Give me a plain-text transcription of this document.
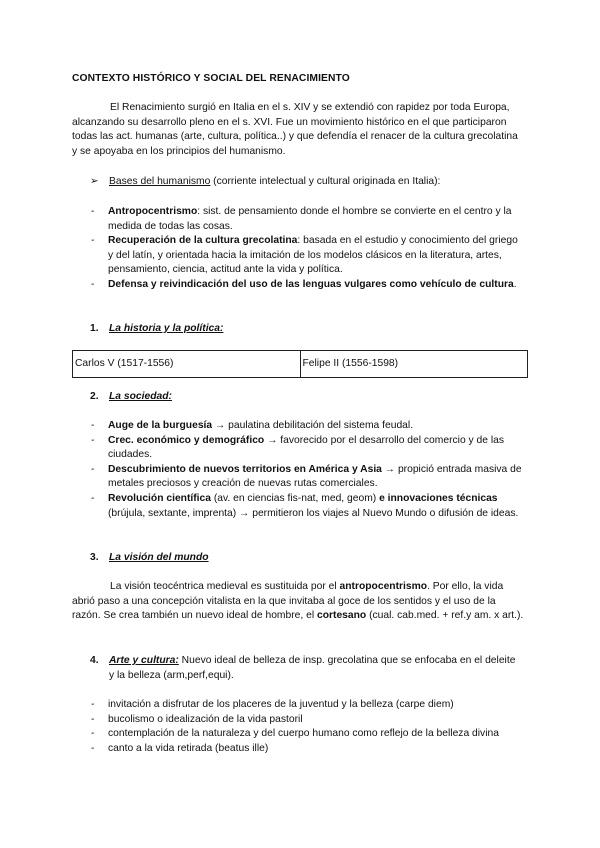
CONTEXTO HISTÓRICO Y SOCIAL DEL RENACIMIENTO

El Renacimiento surgió en Italia en el s. XIV y se extendió con rapidez por toda Europa, alcanzando su desarrollo pleno en el s. XVI. Fue un movimiento histórico en el que participaron todas las act. humanas (arte, cultura, política..) y que defendía el renacer de la cultura grecolatina y se apoyaba en los principios del humanismo.

➢	Bases del humanismo (corriente intelectual y cultural originada en Italia):
- Antropocentrismo: sist. de pensamiento donde el hombre se convierte en el centro y la medida de todas las cosas.
- Recuperación de la cultura grecolatina: basada en el estudio y conocimiento del griego y del latín, y orientada hacia la imitación de los modelos clásicos en la literatura, artes, pensamiento, ciencia, actitud ante la vida y política.
- Defensa y reivindicación del uso de las lenguas vulgares como vehículo de cultura.
1. La historia y la política:
Carlos V (1517-1556)	Felipe II (1556-1598)
2. La sociedad:
- Auge de la burguesía → paulatina debilitación del sistema feudal.
- Crec. económico y demográfico → favorecido por el desarrollo del comercio y de las ciudades.
- Descubrimiento de nuevos territorios en América y Asia → propició entrada masiva de metales preciosos y creación de nuevas rutas comerciales.
- Revolución científica (av. en ciencias fis-nat, med, geom) e innovaciones técnicas (brújula, sextante, imprenta) → permitieron los viajes al Nuevo Mundo o difusión de ideas.
3. La visión del mundo

La visión teocéntrica medieval es sustituida por el antropocentrismo. Por ello, la vida abrió paso a una concepción vitalista en la que invitaba al goce de los sentidos y el uso de la razón. Se crea también un nuevo ideal de hombre, el cortesano (cual. cab.med. + ref.y am. x art.).

4.	Arte y cultura: Nuevo ideal de belleza de insp. grecolatina que se enfocaba en el deleite y la belleza (arm,perf,equi).
- invitación a disfrutar de los placeres de la juventud y la belleza (carpe diem)
- bucolismo o idealización de la vida pastoril
- contemplación de la naturaleza y del cuerpo humano como reflejo de la belleza divina
- canto a la vida retirada (beatus ille)
